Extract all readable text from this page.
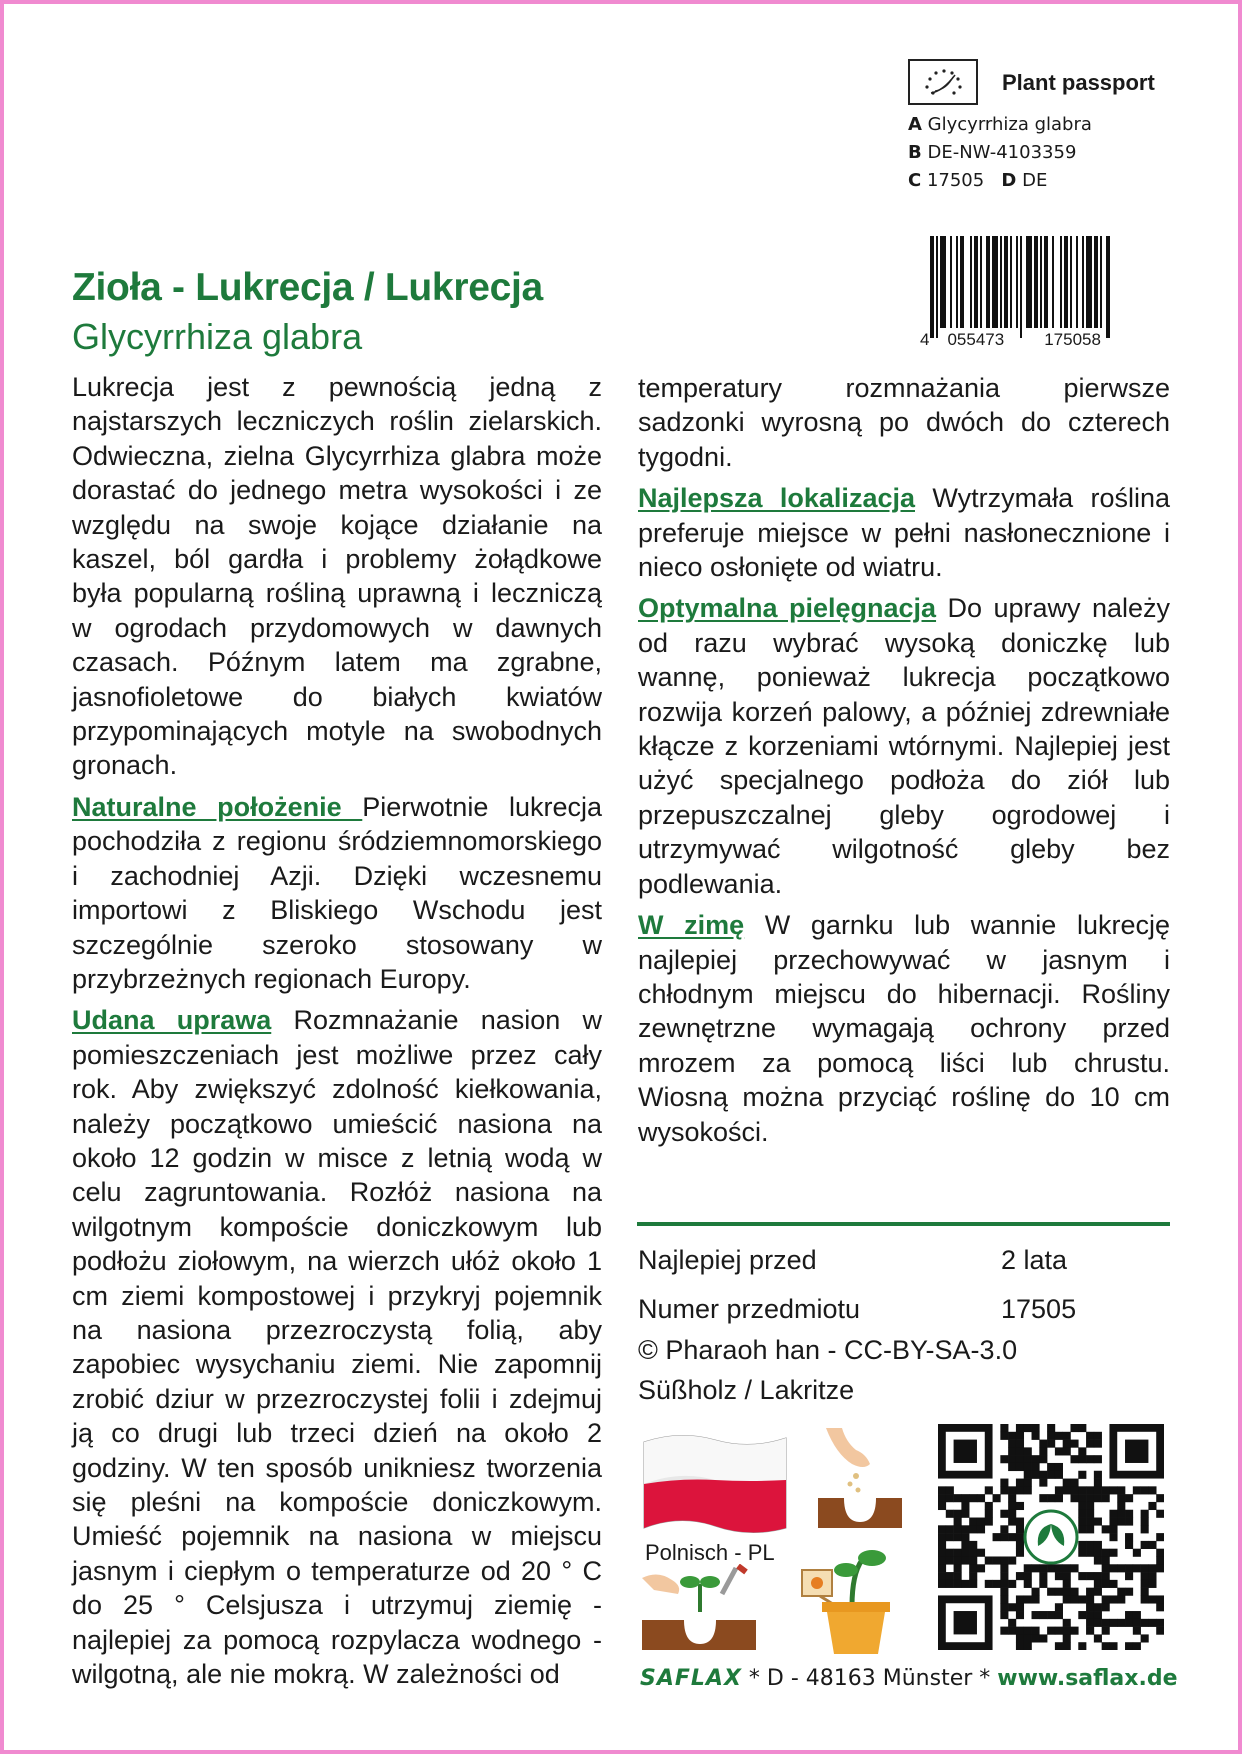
Plant passport
A Glycyrrhiza glabra
B DE-NW-4103359
C 17505 D DE
4 055473 175058
Zioła - Lukrecja / Lukrecja
Glycyrrhiza glabra

Lukrecja jest z pewnością jedną z najstarszych leczniczych roślin zielarskich. Odwieczna, zielna Glycyrrhiza glabra może dorastać do jednego metra wysokości i ze względu na swoje kojące działanie na kaszel, ból gardła i problemy żołądkowe była popularną rośliną uprawną i leczniczą w ogrodach przydomowych w dawnych czasach. Późnym latem ma zgrabne, jasnofioletowe do białych kwiatów przypominających motyle na swobodnych gronach.

Naturalne położenie Pierwotnie lukrecja pochodziła z regionu śródziemnomorskiego i zachodniej Azji. Dzięki wczesnemu importowi z Bliskiego Wschodu jest szczególnie szeroko stosowany w przybrzeżnych regionach Europy.

Udana uprawa Rozmnażanie nasion w pomieszczeniach jest możliwe przez cały rok. Aby zwiększyć zdolność kiełkowania, należy początkowo umieścić nasiona na około 12 godzin w misce z letnią wodą w celu zagruntowania. Rozłóż nasiona na wilgotnym kompoście doniczkowym lub podłożu ziołowym, na wierzch ułóż około 1 cm ziemi kompostowej i przykryj pojemnik na nasiona przezroczystą folią, aby zapobiec wysychaniu ziemi. Nie zapomnij zrobić dziur w przezroczystej folii i zdejmuj ją co drugi lub trzeci dzień na około 2 godziny. W ten sposób unikniesz tworzenia się pleśni na kompoście doniczkowym. Umieść pojemnik na nasiona w miejscu jasnym i ciepłym o temperaturze od 20 ° C do 25 ° Celsjusza i utrzymuj ziemię - najlepiej za pomocą rozpylacza wodnego - wilgotną, ale nie mokrą. W zależności od

temperatury rozmnażania pierwsze sadzonki wyrosną po dwóch do czterech tygodni.

Najlepsza lokalizacja Wytrzymała roślina preferuje miejsce w pełni nasłonecznione i nieco osłonięte od wiatru.

Optymalna pielęgnacja Do uprawy należy od razu wybrać wysoką doniczkę lub wannę, ponieważ lukrecja początkowo rozwija korzeń palowy, a później zdrewniałe kłącze z korzeniami wtórnymi. Najlepiej jest użyć specjalnego podłoża do ziół lub przepuszczalnej gleby ogrodowej i utrzymywać wilgotność gleby bez podlewania.

W zimę W garnku lub wannie lukrecję najlepiej przechowywać w jasnym i chłodnym miejscu do hibernacji. Rośliny zewnętrzne wymagają ochrony przed mrozem za pomocą liści lub chrustu. Wiosną można przyciąć roślinę do 10 cm wysokości.

Najlepiej przed	2 lata
Numer przedmiotu	17505
© Pharaoh han - CC-BY-SA-3.0
Süßholz / Lakritze
Polnisch - PL
SAFLAX * D - 48163 Münster * www.saflax.de
